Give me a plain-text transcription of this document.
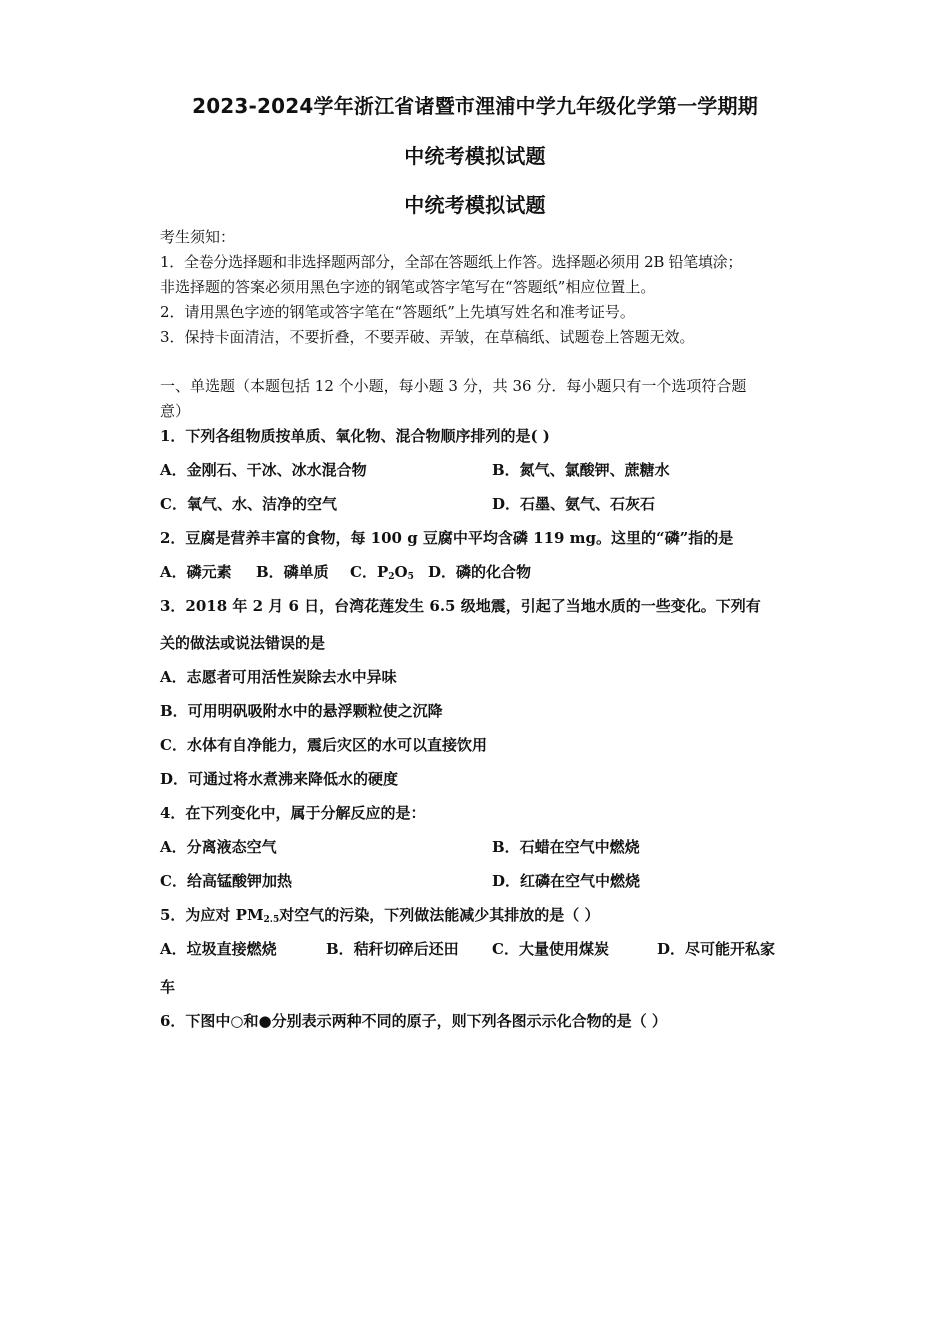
2023-2024学年浙江省诸暨市浬浦中学九年级化学第一学期期
中统考模拟试题
中统考模拟试题
考生须知：
1．全卷分选择题和非选择题两部分，全部在答题纸上作答。选择题必须用 2B 铅笔填涂；
非选择题的答案必须用黑色字迹的钢笔或答字笔写在“答题纸”相应位置上。
2．请用黑色字迹的钢笔或答字笔在“答题纸”上先填写姓名和准考证号。
3．保持卡面清洁，不要折叠，不要弄破、弄皱，在草稿纸、试题卷上答题无效。
一、单选题（本题包括 12 个小题，每小题 3 分，共 36 分．每小题只有一个选项符合题
意）
1．下列各组物质按单质、氧化物、混合物顺序排列的是( )
A．金刚石、干冰、冰水混合物	B．氮气、氯酸钾、蔗糖水
C．氧气、水、洁净的空气	D．石墨、氨气、石灰石
2．豆腐是营养丰富的食物，每 100 g 豆腐中平均含磷 119 mg。这里的“磷”指的是
A．磷元素 B．磷单质 C．$P_2O_5$ D．磷的化合物
3．2018 年 2 月 6 日，台湾花莲发生 6.5 级地震，引起了当地水质的一些变化。下列有
关的做法或说法错误的是
A．志愿者可用活性炭除去水中异味
B．可用明矾吸附水中的悬浮颗粒使之沉降
C．水体有自净能力，震后灾区的水可以直接饮用
D．可通过将水煮沸来降低水的硬度
4．在下列变化中，属于分解反应的是：
A．分离液态空气	B．石蜡在空气中燃烧
C．给高锰酸钾加热	D．红磷在空气中燃烧
5．为应对 $PM_{2.5}$对空气的污染，下列做法能减少其排放的是（ ）
A．垃圾直接燃烧	B．秸秆切碎后还田 C．大量使用煤炭	D．尽可能开私家
车
6．下图中○和●分别表示两种不同的原子，则下列各图示示化合物的是（ ）
